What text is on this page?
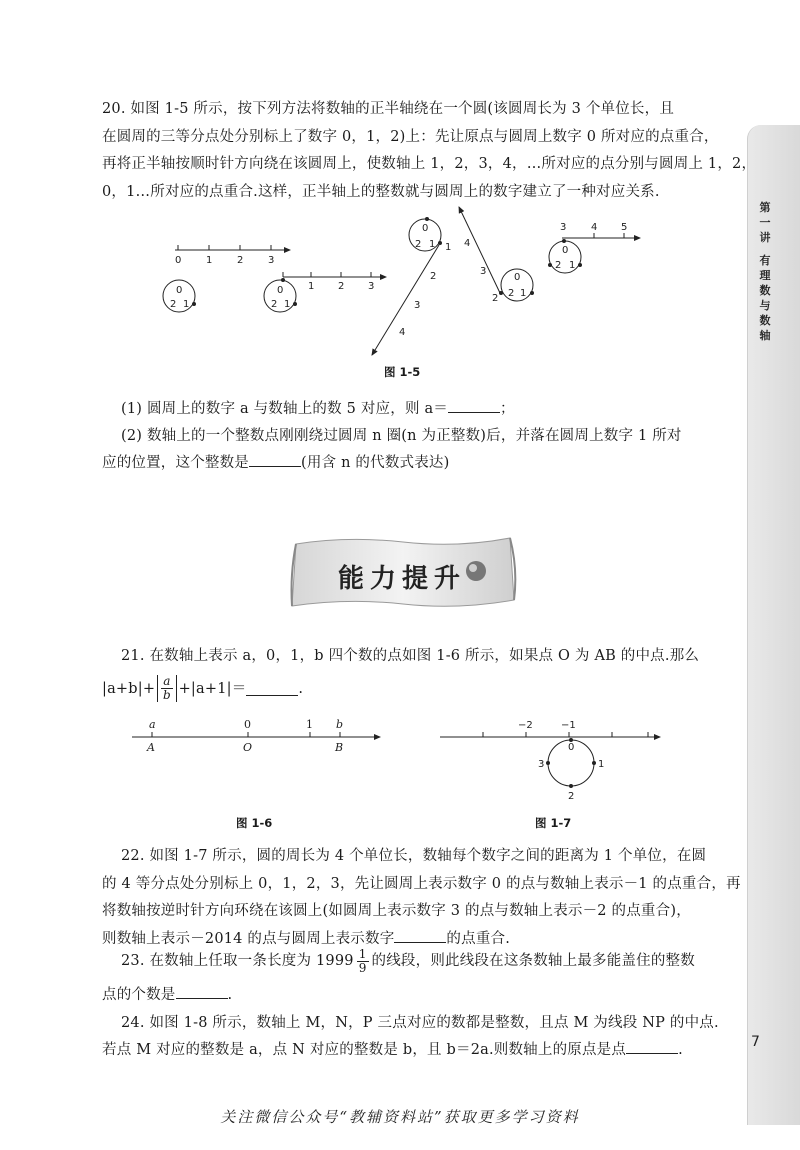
第
一
讲
有
理
数
与
数
轴
20. 如图 1-5 所示，按下列方法将数轴的正半轴绕在一个圆(该圆周长为 3 个单位长，且
在圆周的三等分点处分别标上了数字 0，1，2)上：先让原点与圆周上数字 0 所对应的点重合，
再将正半轴按顺时针方向绕在该圆周上，使数轴上 1，2，3，4，…所对应的点分别与圆周上 1，2，
0，1…所对应的点重合.这样，正半轴上的整数就与圆周上的数字建立了一种对应关系.
0 1 2 3
0
2 1
0
2 1
1 2 3
0
2 1 1
2
3
4
0
2 1
2
3
4
3 4 5
0
2 1
图 1-5
(1) 圆周上的数字 a 与数轴上的数 5 对应，则 a＝	；
(2) 数轴上的一个整数点刚刚绕过圆周 n 圈(n 为正整数)后，并落在圆周上数字 1 所对
应的位置，这个整数是	(用含 n 的代数式表达)
能力提升
21. 在数轴上表示 a，0，1，b 四个数的点如图 1-6 所示，如果点 O 为 AB 的中点.那么
$|a+b|+ \frac{a}{b} +|a+1|=$	.
a	0	1 b
A	O	B
图 1-6
−2	−1
0
1
2
3
图 1-7
22. 如图 1-7 所示，圆的周长为 4 个单位长，数轴每个数字之间的距离为 1 个单位，在圆
的 4 等分点处分别标上 0，1，2，3，先让圆周上表示数字 0 的点与数轴上表示－1 的点重合，再
将数轴按逆时针方向环绕在该圆上(如圆周上表示数字 3 的点与数轴上表示－2 的点重合)，
则数轴上表示－2014 的点与圆周上表示数字	的点重合.
23. 在数轴上任取一条长度为 $1999 \frac{1}{9}$ 的线段，则此线段在这条数轴上最多能盖住的整数
点的个数是	.
24. 如图 1-8 所示，数轴上 M，N，P 三点对应的数都是整数，且点 M 为线段 NP 的中点.
若点 M 对应的整数是 a，点 N 对应的整数是 b，且 b＝2a.则数轴上的原点是点	.	7
关注微信公众号“教辅资料站”获取更多学习资料
